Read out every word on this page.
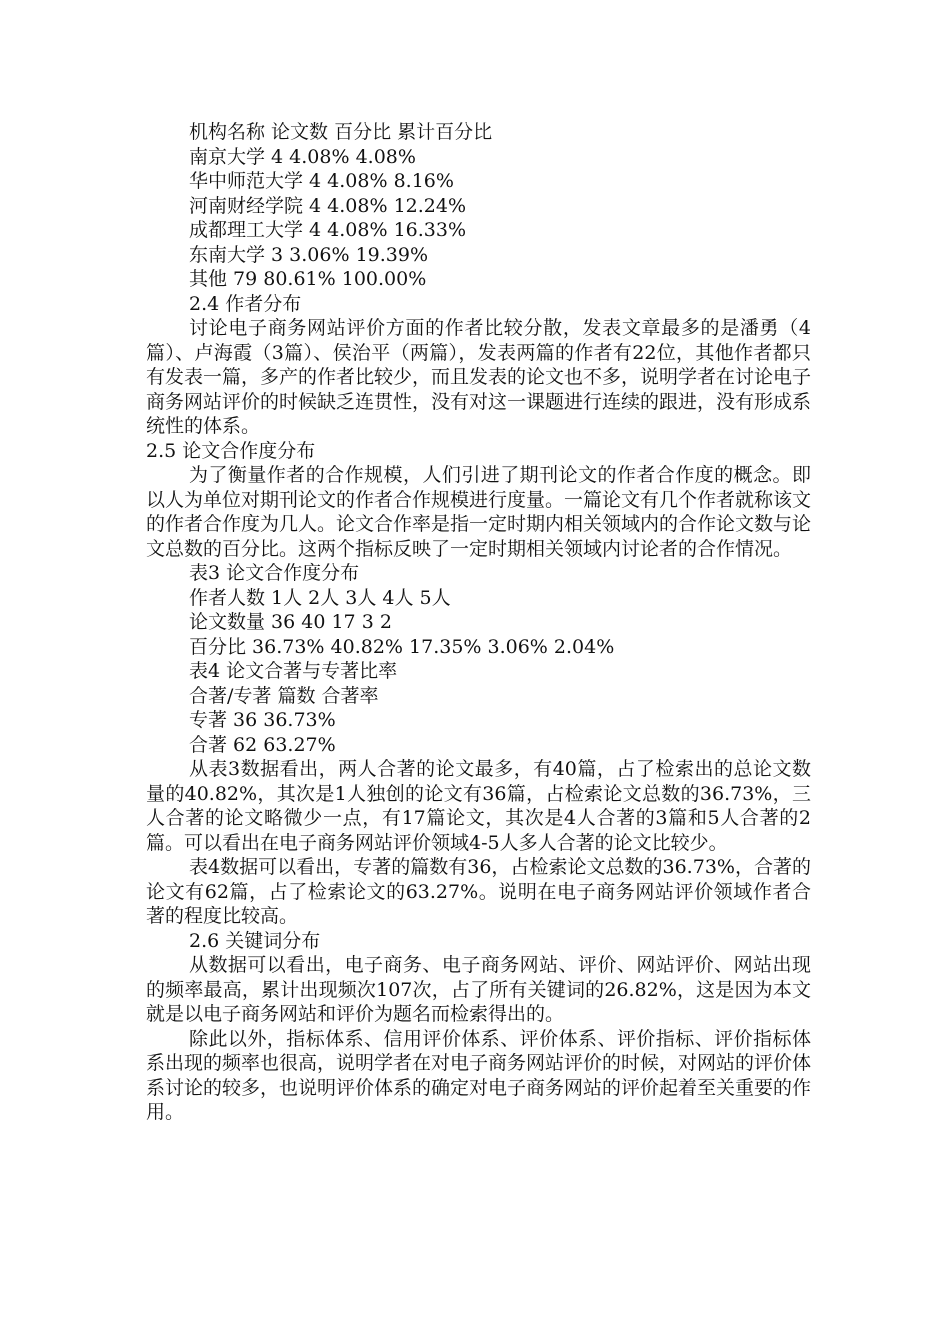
机构名称 论文数 百分比 累计百分比
南京大学 4 4.08% 4.08%
华中师范大学 4 4.08% 8.16%
河南财经学院 4 4.08% 12.24%
成都理工大学 4 4.08% 16.33%
东南大学 3 3.06% 19.39%
其他 79 80.61% 100.00%
2.4 作者分布

讨论电子商务网站评价方面的作者比较分散，发表文章最多的是潘勇（4篇）、卢海霞（3篇）、侯治平（两篇），发表两篇的作者有22位，其他作者都只有发表一篇，多产的作者比较少，而且发表的论文也不多，说明学者在讨论电子商务网站评价的时候缺乏连贯性，没有对这一课题进行连续的跟进，没有形成系统性的体系。

2.5 论文合作度分布

为了衡量作者的合作规模，人们引进了期刊论文的作者合作度的概念。即以人为单位对期刊论文的作者合作规模进行度量。一篇论文有几个作者就称该文的作者合作度为几人。论文合作率是指一定时期内相关领域内的合作论文数与论文总数的百分比。这两个指标反映了一定时期相关领域内讨论者的合作情况。

表3 论文合作度分布
作者人数 1人 2人 3人 4人 5人
论文数量 36 40 17 3 2
百分比 36.73% 40.82% 17.35% 3.06% 2.04%
表4 论文合著与专著比率
合著/专著 篇数 合著率
专著 36 36.73%
合著 62 63.27%

从表3数据看出，两人合著的论文最多，有40篇，占了检索出的总论文数量的40.82%，其次是1人独创的论文有36篇，占检索论文总数的36.73%，三人合著的论文略微少一点，有17篇论文，其次是4人合著的3篇和5人合著的2篇。可以看出在电子商务网站评价领域4-5人多人合著的论文比较少。

表4数据可以看出，专著的篇数有36，占检索论文总数的36.73%，合著的论文有62篇，占了检索论文的63.27%。说明在电子商务网站评价领域作者合著的程度比较高。

2.6 关键词分布

从数据可以看出，电子商务、电子商务网站、评价、网站评价、网站出现的频率最高，累计出现频次107次，占了所有关键词的26.82%，这是因为本文就是以电子商务网站和评价为题名而检索得出的。

除此以外，指标体系、信用评价体系、评价体系、评价指标、评价指标体系出现的频率也很高，说明学者在对电子商务网站评价的时候，对网站的评价体系讨论的较多，也说明评价体系的确定对电子商务网站的评价起着至关重要的作用。
